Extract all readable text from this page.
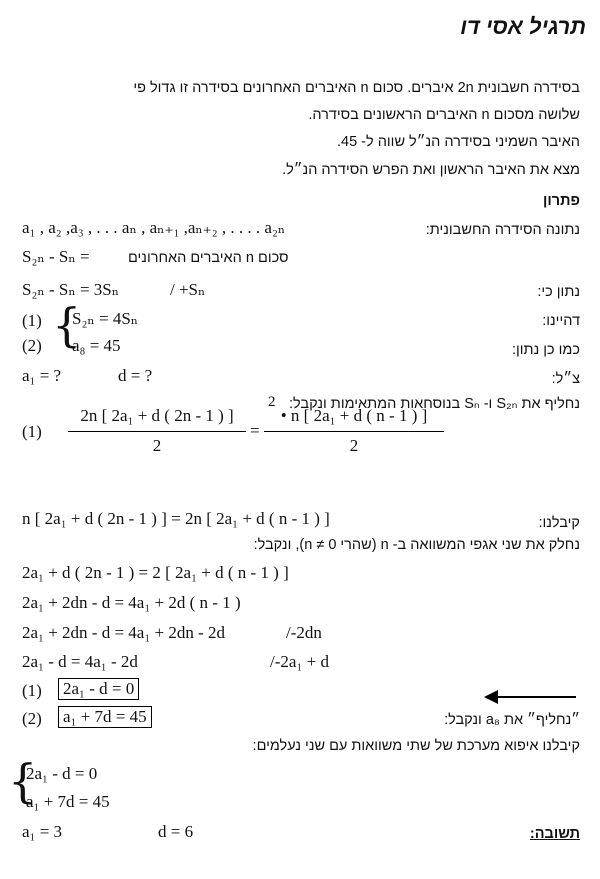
תרגיל אסי דו
בסידרה חשבונית 2n איברים. סכום n האיברים האחרונים בסידרה זו גדול פי
שלושה מסכום n האיברים הראשונים בסידרה.
האיבר השמיני בסידרה הנ״ל שווה ל- 45.
מצא את האיבר הראשון ואת הפרש הסידרה הנ״ל.
פתרון
a₁ , a₂ ,a₃ , . . . aₙ , aₙ₊₁ ,aₙ₊₂ , . . . . a₂ₙ	נתונה הסידרה החשבונית:
S₂ₙ - Sₙ =	סכום n האיברים האחרונים
S₂ₙ - Sₙ = 3Sₙ	/ +Sₙ	נתון כי:
(1) {
S₂ₙ = 4Sₙ	דהיינו:
(2) a₈ = 45	כמו כן נתון:
a₁ = ?	d = ?	צ״ל:
נחליף את S₂ₙ ו- Sₙ בנוסחאות המתאימות ונקבל:
(1)
2n [ 2a₁ + d ( 2n - 1 ) ]
2
=
2
• n [ 2a₁ + d ( n - 1 ) ]
2
n [ 2a₁ + d ( 2n - 1 ) ] = 2n [ 2a₁ + d ( n - 1 ) ]	קיבלנו:
נחלק את שני אגפי המשוואה ב- n (שהרי n ≠ 0), ונקבל:
2a₁ + d ( 2n - 1 ) = 2 [ 2a₁ + d ( n - 1 ) ]
2a₁ + 2dn - d = 4a₁ + 2d ( n - 1 )
2a₁ + 2dn - d = 4a₁ + 2dn - 2d	/-2dn
2a₁ - d = 4a₁ - 2d	/-2a₁ + d
(1) 2a₁ - d = 0
(2) a₁ + 7d = 45	״נחליף״ את a₈ ונקבל:
קיבלנו איפוא מערכת של שתי משוואות עם שני נעלמים:
{
2a₁ - d = 0
a₁ + 7d = 45
a₁ = 3	d = 6	תשובה:
